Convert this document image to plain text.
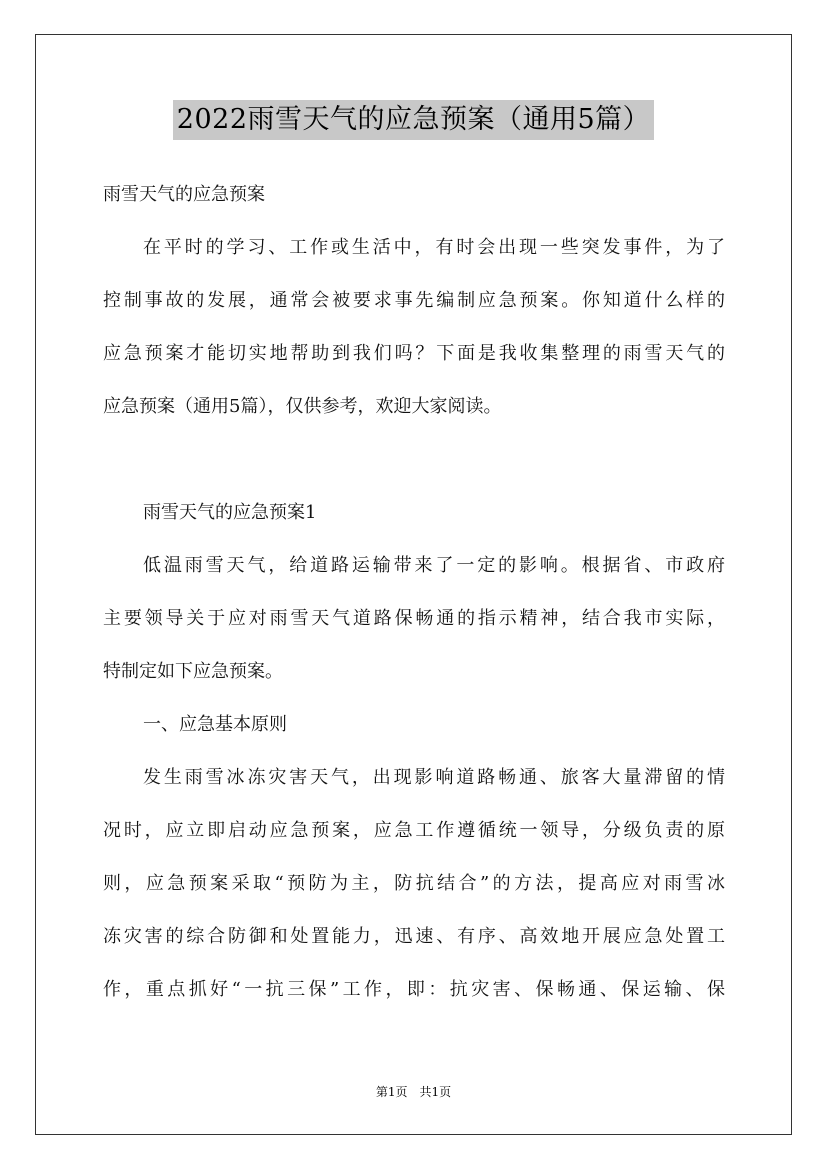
2022雨雪天气的应急预案（通用5篇）
雨雪天气的应急预案
在平时的学习、工作或生活中，有时会出现一些突发事件，为了
控制事故的发展，通常会被要求事先编制应急预案。你知道什么样的
应急预案才能切实地帮助到我们吗？下面是我收集整理的雨雪天气的
应急预案（通用5篇），仅供参考，欢迎大家阅读。
雨雪天气的应急预案1
低温雨雪天气，给道路运输带来了一定的影响。根据省、市政府
主要领导关于应对雨雪天气道路保畅通的指示精神，结合我市实际，
特制定如下应急预案。
一、应急基本原则
发生雨雪冰冻灾害天气，出现影响道路畅通、旅客大量滞留的情
况时，应立即启动应急预案，应急工作遵循统一领导，分级负责的原
则，应急预案采取“预防为主，防抗结合”的方法，提高应对雨雪冰
冻灾害的综合防御和处置能力，迅速、有序、高效地开展应急处置工
作，重点抓好“一抗三保”工作，即：抗灾害、保畅通、保运输、保
第1页　共1页
